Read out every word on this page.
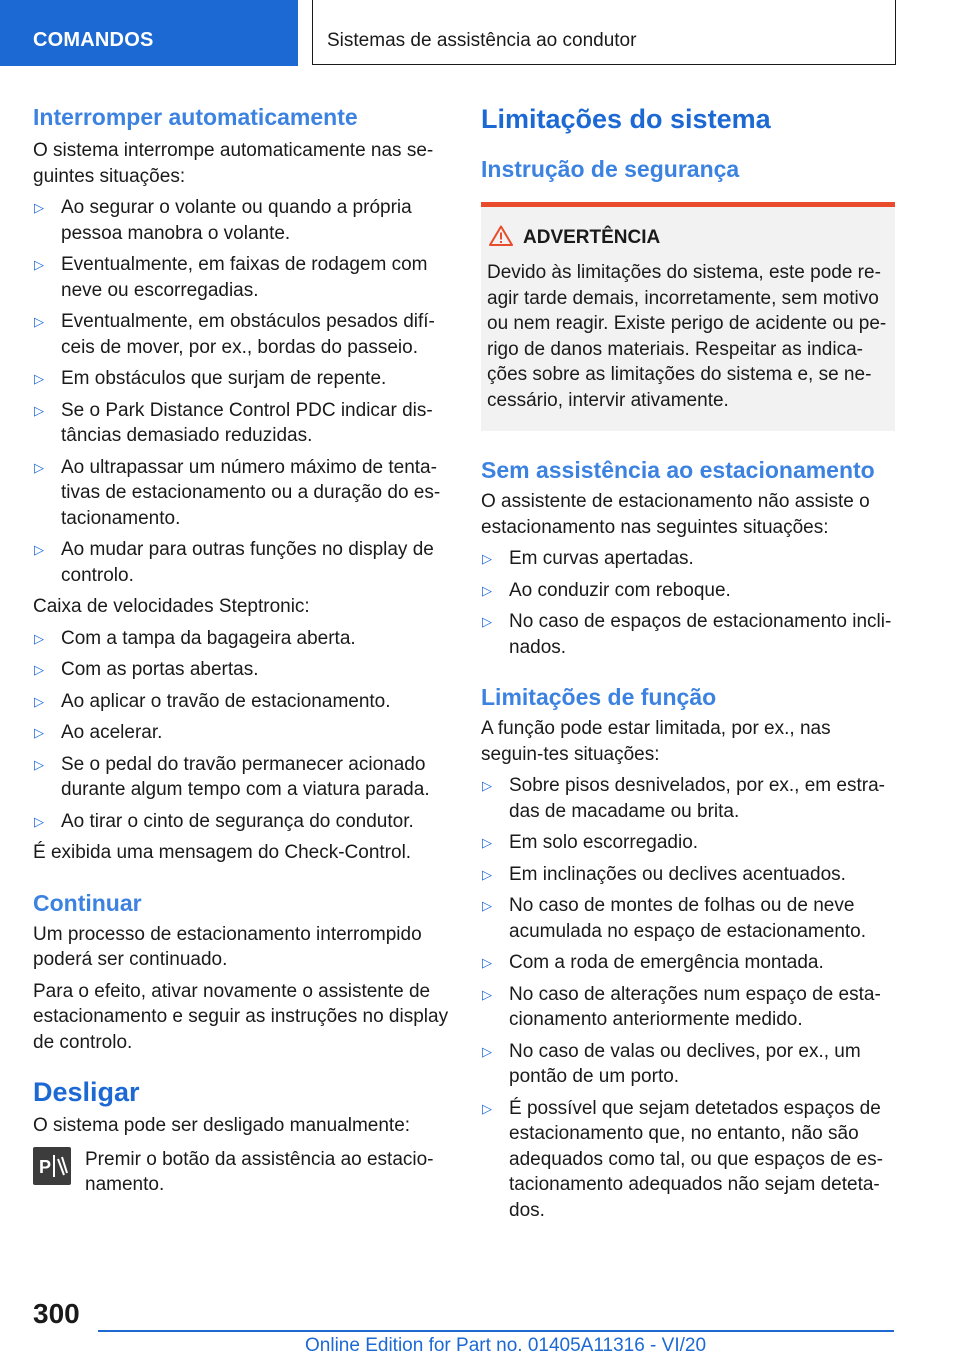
COMANDOS	Sistemas de assistência ao condutor
Interromper automaticamente

O sistema interrompe automaticamente nas se-guintes situações:

▷ Ao segurar o volante ou quando a própria pessoa manobra o volante.
▷ Eventualmente, em faixas de rodagem com neve ou escorregadias.
▷ Eventualmente, em obstáculos pesados difí-ceis de mover, por ex., bordas do passeio.
▷ Em obstáculos que surjam de repente.
▷ Se o Park Distance Control PDC indicar dis-tâncias demasiado reduzidas.
▷ Ao ultrapassar um número máximo de tenta-tivas de estacionamento ou a duração do es-tacionamento.
▷ Ao mudar para outras funções no display de controlo.

Caixa de velocidades Steptronic:

▷ Com a tampa da bagageira aberta.
▷ Com as portas abertas.
▷ Ao aplicar o travão de estacionamento.
▷ Ao acelerar.
▷ Se o pedal do travão permanecer acionado durante algum tempo com a viatura parada.
▷ Ao tirar o cinto de segurança do condutor.

É exibida uma mensagem do Check-Control.

Continuar

Um processo de estacionamento interrompido poderá ser continuado.

Para o efeito, ativar novamente o assistente de estacionamento e seguir as instruções no display de controlo.

Desligar

O sistema pode ser desligado manualmente:

P Premir o botão da assistência ao estacio-namento.

Limitações do sistema
Instrução de segurança
ADVERTÊNCIA

Devido às limitações do sistema, este pode re-agir tarde demais, incorretamente, sem motivo ou nem reagir. Existe perigo de acidente ou pe-rigo de danos materiais. Respeitar as indica-ções sobre as limitações do sistema e, se ne-cessário, intervir ativamente.

Sem assistência ao estacionamento

O assistente de estacionamento não assiste o estacionamento nas seguintes situações:

▷ Em curvas apertadas.
▷ Ao conduzir com reboque.
▷ No caso de espaços de estacionamento incli-nados.
Limitações de função

A função pode estar limitada, por ex., nas seguin-tes situações:

▷ Sobre pisos desnivelados, por ex., em estra-das de macadame ou brita.
▷ Em solo escorregadio.
▷ Em inclinações ou declives acentuados.
▷ No caso de montes de folhas ou de neve acumulada no espaço de estacionamento.
▷ Com a roda de emergência montada.
▷ No caso de alterações num espaço de esta-cionamento anteriormente medido.
▷ No caso de valas ou declives, por ex., um pontão de um porto.
▷ É possível que sejam detetados espaços de estacionamento que, no entanto, não são adequados como tal, ou que espaços de es-tacionamento adequados não sejam deteta-dos.
300
Online Edition for Part no. 01405A11316 - VI/20
